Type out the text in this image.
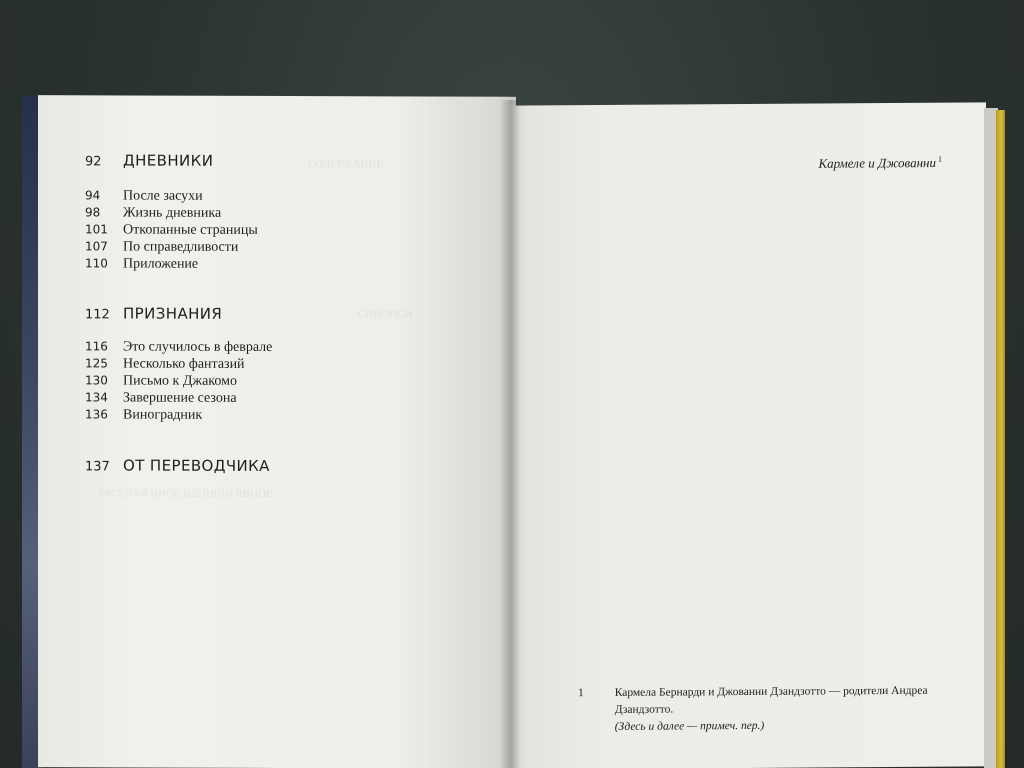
СОДЕРЖАНИЕ
СИНОПСИ
ЗАСЕЛАЯ ИНОЕ ВЗГЛЯНИ ЯВНОЕ
92	ДНЕВНИКИ
94	После засухи
98	Жизнь дневника
101	Откопанные страницы
107	По справедливости
110	Приложение
112 ПРИЗНАНИЯ
116	Это случилось в феврале
125	Несколько фантазий
130	Письмо к Джакомо
134	Завершение сезона
136	Виноградник
137 ОТ ПЕРЕВОДЧИКА
Кармеле и Джованни $^1$
1	Кармела Бернарди и Джованни Дзандзотто — родители Андреа Дзандзотто.
(Здесь и далее — примеч. пер.)
